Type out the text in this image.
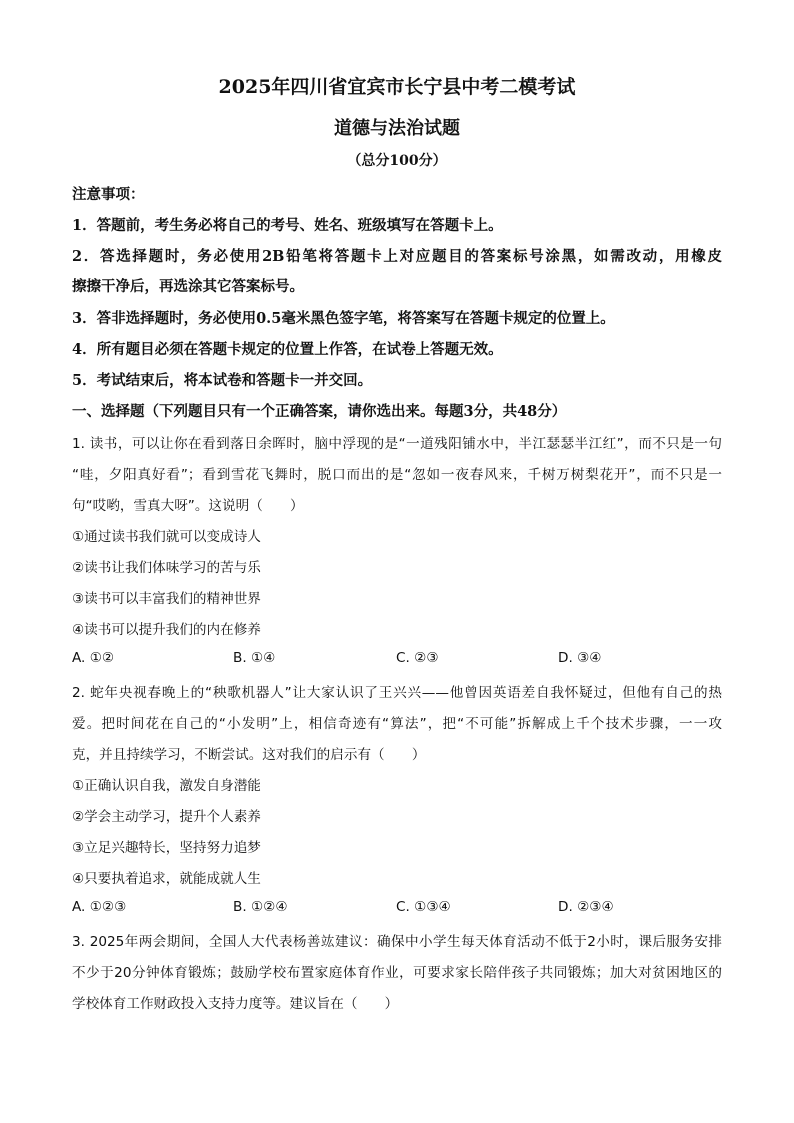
2025年四川省宜宾市长宁县中考二模考试
道德与法治试题
（总分100分）
注意事项：
1．答题前，考生务必将自己的考号、姓名、班级填写在答题卡上。
2．答选择题时，务必使用2B铅笔将答题卡上对应题目的答案标号涂黑，如需改动，用橡皮
擦擦干净后，再选涂其它答案标号。
3．答非选择题时，务必使用0.5毫米黑色签字笔，将答案写在答题卡规定的位置上。
4．所有题目必须在答题卡规定的位置上作答，在试卷上答题无效。
5．考试结束后，将本试卷和答题卡一并交回。
一、选择题（下列题目只有一个正确答案，请你选出来。每题3分，共48分）
1. 读书，可以让你在看到落日余晖时，脑中浮现的是“一道残阳铺水中，半江瑟瑟半江红”，而不只是一句
“哇，夕阳真好看”；看到雪花飞舞时，脱口而出的是“忽如一夜春风来，千树万树梨花开”，而不只是一
句“哎哟，雪真大呀”。这说明（　　）
①通过读书我们就可以变成诗人
②读书让我们体味学习的苦与乐
③读书可以丰富我们的精神世界
④读书可以提升我们的内在修养
A. ①②	B. ①④	C. ②③	D. ③④
2. 蛇年央视春晚上的“秧歌机器人”让大家认识了王兴兴——他曾因英语差自我怀疑过，但他有自己的热
爱。把时间花在自己的“小发明”上，相信奇迹有“算法”，把“不可能”拆解成上千个技术步骤，一一攻
克，并且持续学习，不断尝试。这对我们的启示有（　　）
①正确认识自我，激发自身潜能
②学会主动学习，提升个人素养
③立足兴趣特长，坚持努力追梦
④只要执着追求，就能成就人生
A. ①②③	B. ①②④	C. ①③④	D. ②③④
3. 2025年两会期间，全国人大代表杨善竑建议：确保中小学生每天体育活动不低于2小时，课后服务安排
不少于20分钟体育锻炼；鼓励学校布置家庭体育作业，可要求家长陪伴孩子共同锻炼；加大对贫困地区的
学校体育工作财政投入支持力度等。建议旨在（　　）
